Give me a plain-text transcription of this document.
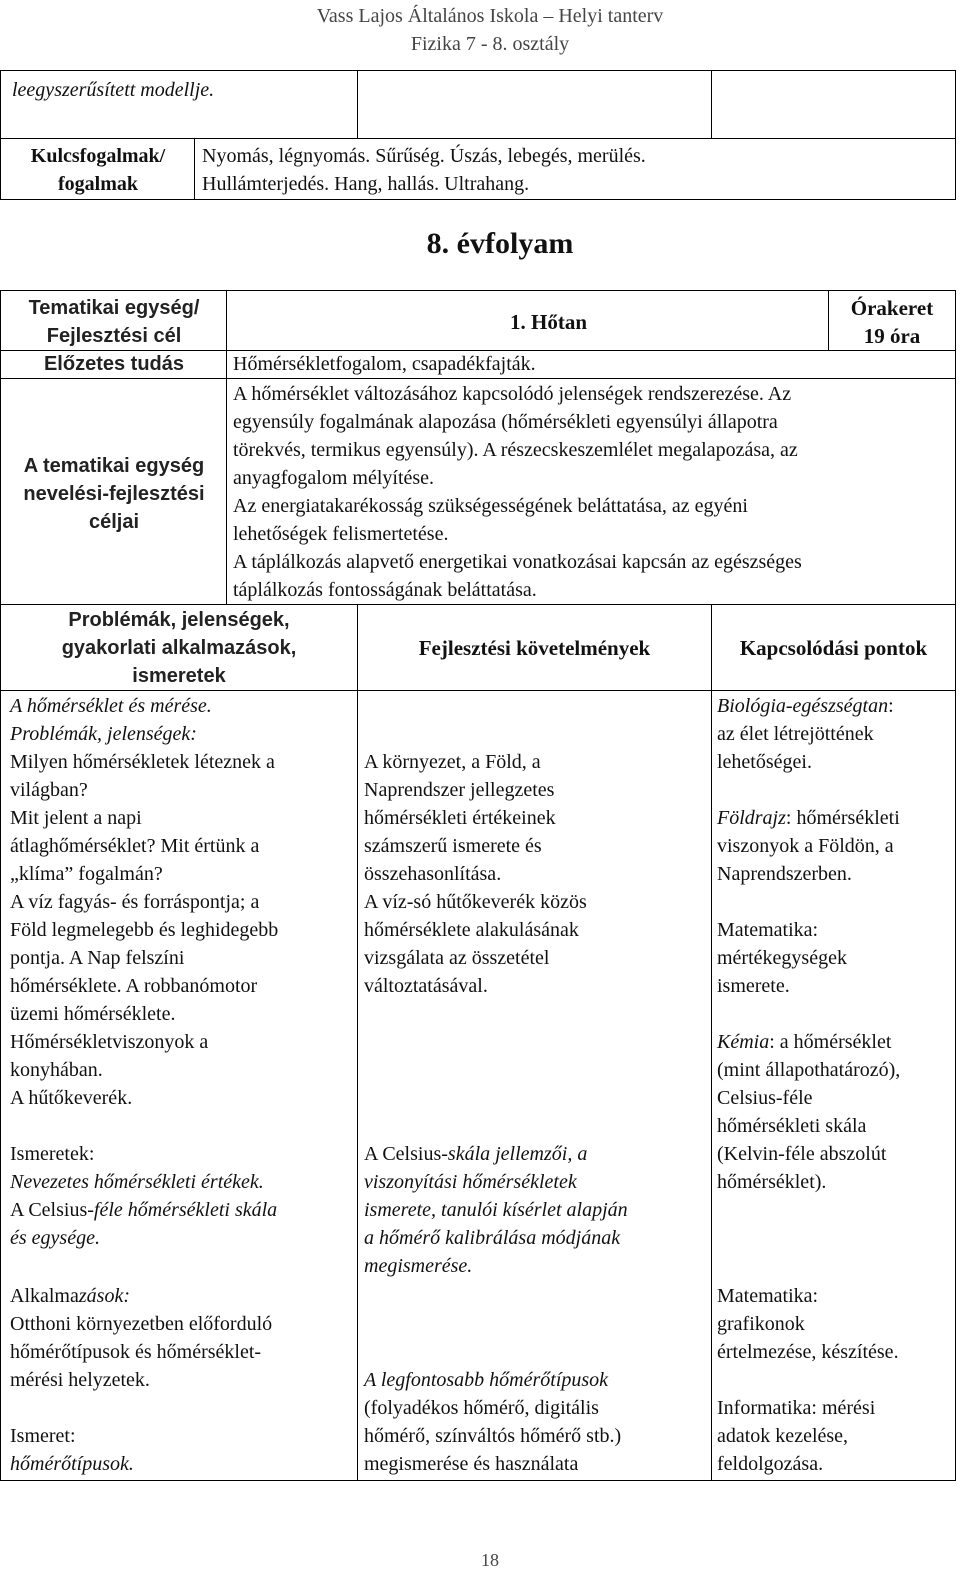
Vass Lajos Általános Iskola – Helyi tanterv
Fizika 7 - 8. osztály
leegyszerűsített modellje.
Kulcsfogalmak/
fogalmak
Nyomás, légnyomás. Sűrűség. Úszás, lebegés, merülés.
Hullámterjedés. Hang, hallás. Ultrahang.
8. évfolyam
Tematikai egység/
Fejlesztési cél
1. Hőtan
Órakeret
19 óra
Előzetes tudás	Hőmérsékletfogalom, csapadékfajták.
A tematikai egység
nevelési-fejlesztési
céljai
A hőmérséklet változásához kapcsolódó jelenségek rendszerezése. Az
egyensúly fogalmának alapozása (hőmérsékleti egyensúlyi állapotra
törekvés, termikus egyensúly). A részecskeszemlélet megalapozása, az
anyagfogalom mélyítése.
Az energiatakarékosság szükségességének beláttatása, az egyéni
lehetőségek felismertetése.
A táplálkozás alapvető energetikai vonatkozásai kapcsán az egészséges
táplálkozás fontosságának beláttatása.
Problémák, jelenségek,
gyakorlati alkalmazások,
ismeretek
Fejlesztési követelmények	Kapcsolódási pontok
A hőmérséklet és mérése.
Problémák, jelenségek:
Milyen hőmérsékletek léteznek a
világban?
Mit jelent a napi
átlaghőmérséklet? Mit értünk a
„klíma” fogalmán?
A víz fagyás- és forráspontja; a
Föld legmelegebb és leghidegebb
pontja. A Nap felszíni
hőmérséklete. A robbanómotor
üzemi hőmérséklete.
Hőmérsékletviszonyok a
konyhában.
A hűtőkeverék.
Ismeretek:
Nevezetes hőmérsékleti értékek.
A Celsius-féle hőmérsékleti skála
és egysége.
Alkalmazások:
Otthoni környezetben előforduló
hőmérőtípusok és hőmérséklet-
mérési helyzetek.
Ismeret:
hőmérőtípusok.
A környezet, a Föld, a
Naprendszer jellegzetes
hőmérsékleti értékeinek
számszerű ismerete és
összehasonlítása.
A víz-só hűtőkeverék közös
hőmérséklete alakulásának
vizsgálata az összetétel
változtatásával.
A Celsius-skála jellemzői, a
viszonyítási hőmérsékletek
ismerete, tanulói kísérlet alapján
a hőmérő kalibrálása módjának
megismerése.
A legfontosabb hőmérőtípusok
(folyadékos hőmérő, digitális
hőmérő, színváltós hőmérő stb.)
megismerése és használata
Biológia-egészségtan:
az élet létrejöttének
lehetőségei.
Földrajz: hőmérsékleti
viszonyok a Földön, a
Naprendszerben.
Matematika:
mértékegységek
ismerete.
Kémia: a hőmérséklet
(mint állapothatározó),
Celsius-féle
hőmérsékleti skála
(Kelvin-féle abszolút
hőmérséklet).
Matematika:
grafikonok
értelmezése, készítése.
Informatika: mérési
adatok kezelése,
feldolgozása.
18
